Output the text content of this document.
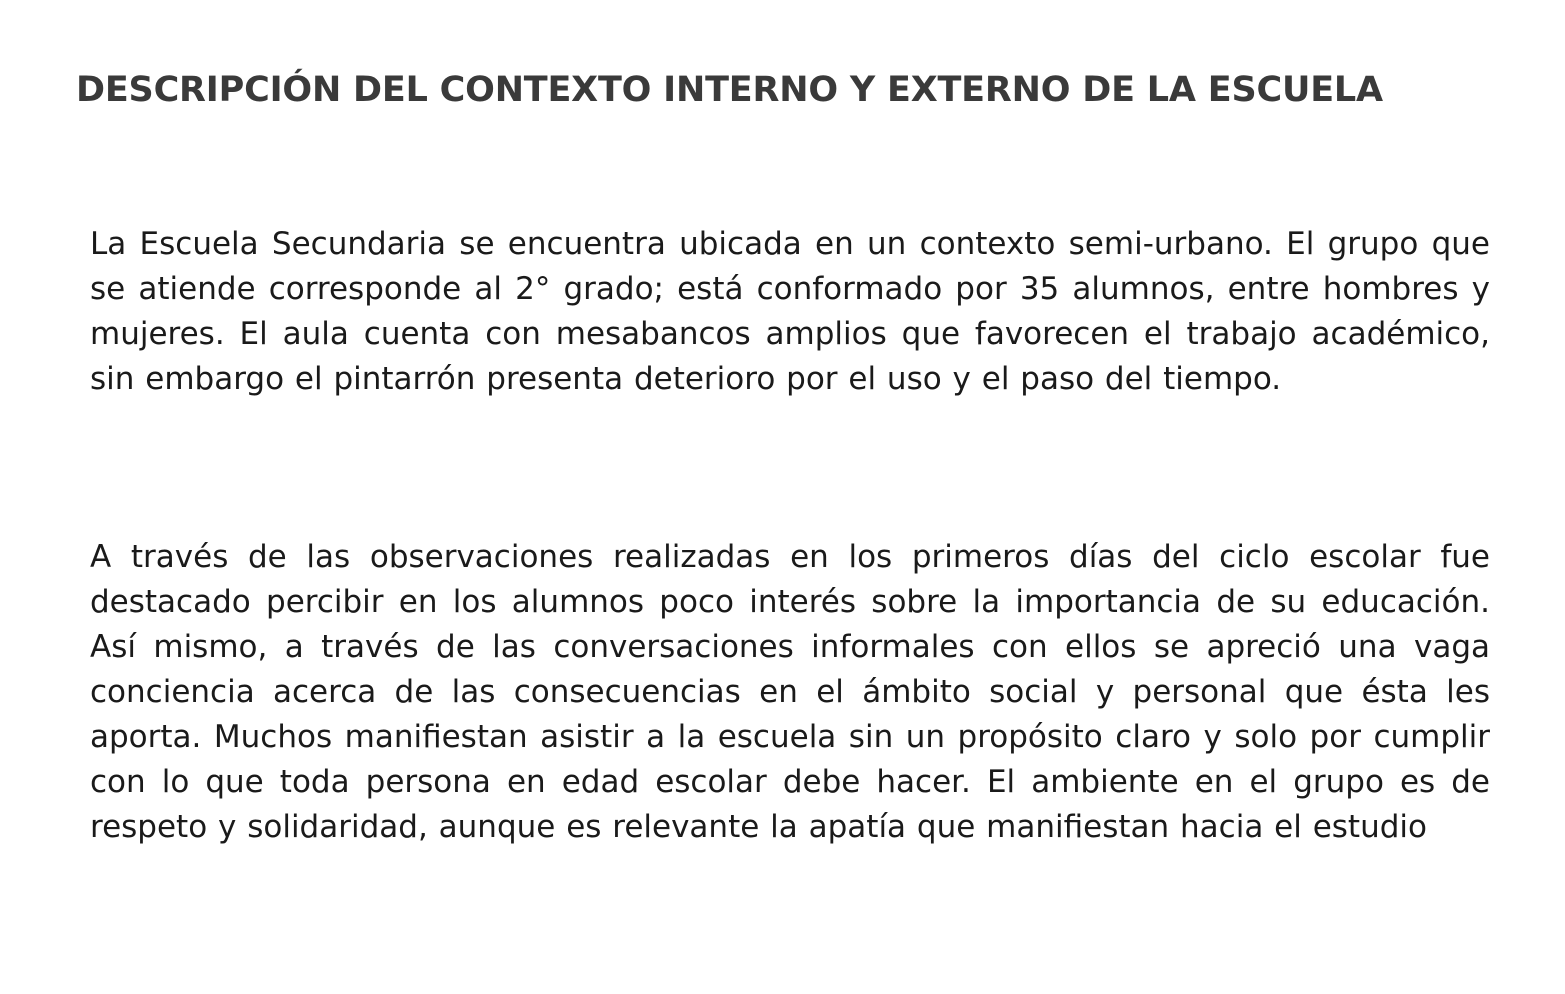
DESCRIPCIÓN DEL CONTEXTO INTERNO Y EXTERNO DE LA ESCUELA

La Escuela Secundaria se encuentra ubicada en un contexto semi-urbano. El grupo que se atiende corresponde al 2° grado; está conformado por 35 alumnos, entre hombres y mujeres. El aula cuenta con mesabancos amplios que favorecen el trabajo académico, sin embargo el pintarrón presenta deterioro por el uso y el paso del tiempo.

A través de las observaciones realizadas en los primeros días del ciclo escolar fue destacado percibir en los alumnos poco interés sobre la importancia de su educación. Así mismo, a través de las conversaciones informales con ellos se apreció una vaga conciencia acerca de las consecuencias en el ámbito social y personal que ésta les aporta. Muchos manifiestan asistir a la escuela sin un propósito claro y solo por cumplir con lo que toda persona en edad escolar debe hacer. El ambiente en el grupo es de respeto y solidaridad, aunque es relevante la apatía que manifiestan hacia el estudio
